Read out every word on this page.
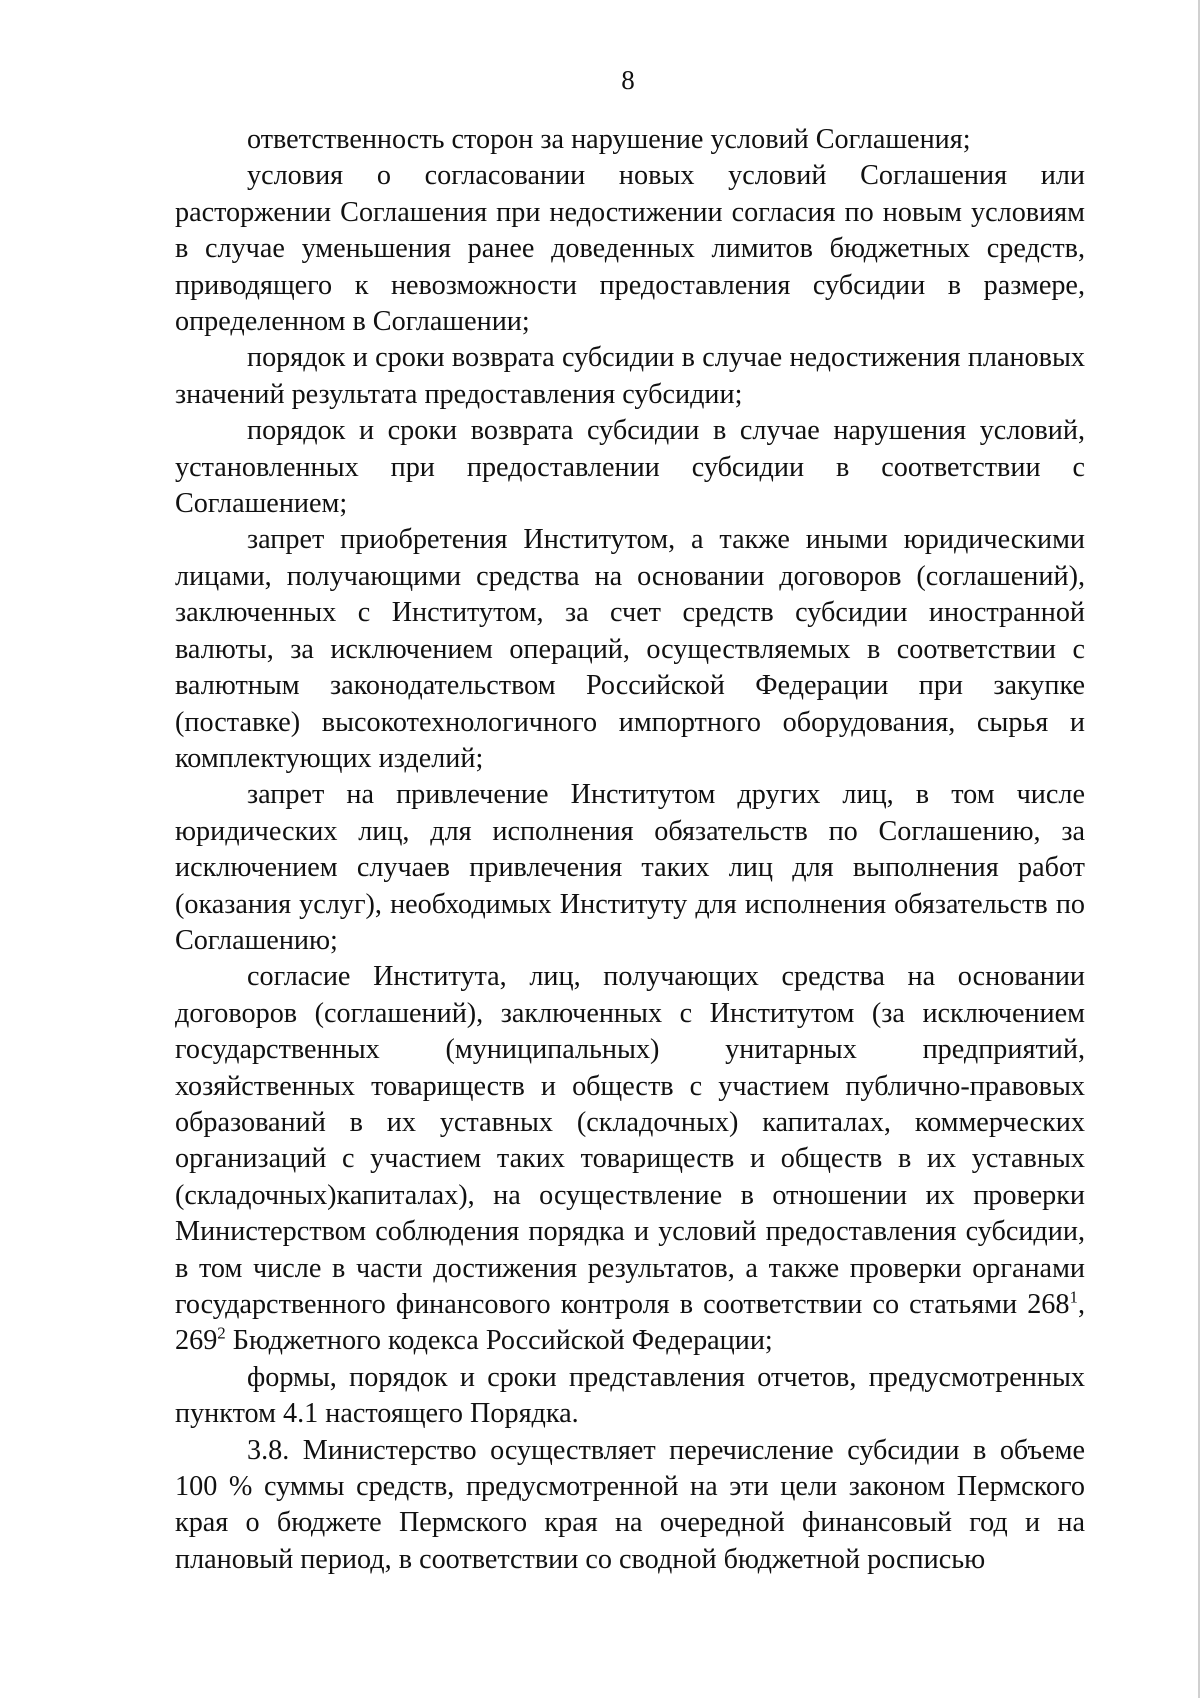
8

ответственность сторон за нарушение условий Соглашения;

условия о согласовании новых условий Соглашения или расторжении Соглашения при недостижении согласия по новым условиям в случае уменьшения ранее доведенных лимитов бюджетных средств, приводящего к невозможности предоставления субсидии в размере, определенном в Соглашении;

порядок и сроки возврата субсидии в случае недостижения плановых значений результата предоставления субсидии;

порядок и сроки возврата субсидии в случае нарушения условий, установленных при предоставлении субсидии в соответствии с Соглашением;

запрет приобретения Институтом, а также иными юридическими лицами, получающими средства на основании договоров (соглашений), заключенных с Институтом, за счет средств субсидии иностранной валюты, за исключением операций, осуществляемых в соответствии с валютным законодательством Российской Федерации при закупке (поставке) высокотехнологичного импортного оборудования, сырья и комплектующих изделий;

запрет на привлечение Институтом других лиц, в том числе юридических лиц, для исполнения обязательств по Соглашению, за исключением случаев привлечения таких лиц для выполнения работ (оказания услуг), необходимых Институту для исполнения обязательств по Соглашению;

согласие Института, лиц, получающих средства на основании договоров (соглашений), заключенных с Институтом (за исключением государственных (муниципальных) унитарных предприятий, хозяйственных товариществ и обществ с участием публично-правовых образований в их уставных (складочных) капиталах, коммерческих организаций с участием таких товариществ и обществ в их уставных (складочных)капиталах), на осуществление в отношении их проверки Министерством соблюдения порядка и условий предоставления субсидии, в том числе в части достижения результатов, а также проверки органами государственного финансового контроля в соответствии со статьями $268^1$, $269^2$ Бюджетного кодекса Российской Федерации;

формы, порядок и сроки представления отчетов, предусмотренных пунктом 4.1 настоящего Порядка.

3.8. Министерство осуществляет перечисление субсидии в объеме 100 % суммы средств, предусмотренной на эти цели законом Пермского края о бюджете Пермского края на очередной финансовый год и на плановый период, в соответствии со сводной бюджетной росписью
